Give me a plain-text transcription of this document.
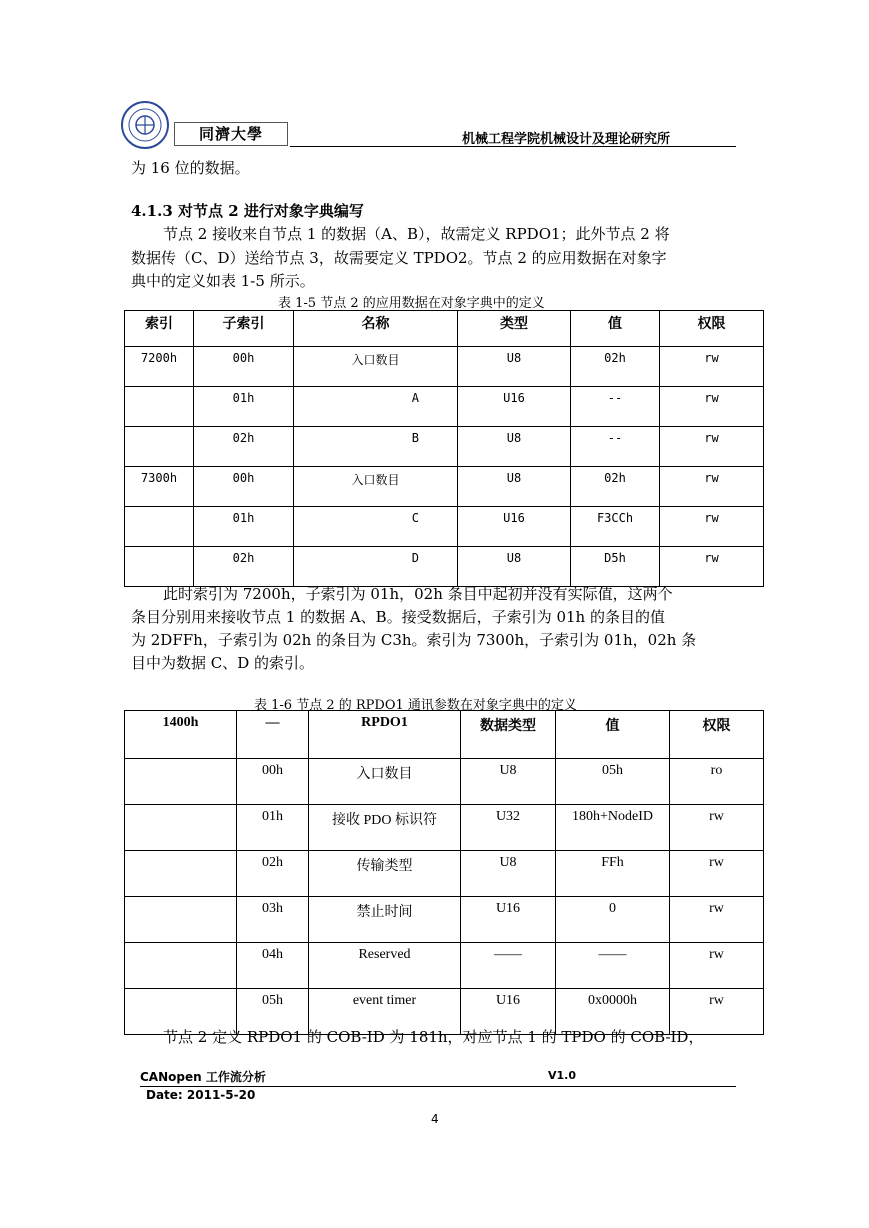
同濟大學	机械工程学院机械设计及理论研究所
为 16 位的数据。
4.1.3 对节点 2 进行对象字典编写
节点 2 接收来自节点 1 的数据（A、B），故需定义 RPDO1；此外节点 2 将
数据传（C、D）送给节点 3，故需要定义 TPDO2。节点 2 的应用数据在对象字
典中的定义如表 1-5 所示。
表 1-5 节点 2 的应用数据在对象字典中的定义
索引	子索引	名称	类型	值	权限
7200h	00h	入口数目	U8	02h	rw
	01h	A	U16	--	rw
	02h	B	U8	--	rw
7300h	00h	入口数目	U8	02h	rw
	01h	C	U16	F3CCh	rw
	02h	D	U8	D5h	rw
此时索引为 7200h，子索引为 01h，02h 条目中起初并没有实际值，这两个
条目分别用来接收节点 1 的数据 A、B。接受数据后，子索引为 01h 的条目的值
为 2DFFh，子索引为 02h 的条目为 C3h。索引为 7300h，子索引为 01h，02h 条
目中为数据 C、D 的索引。
表 1-6 节点 2 的 RPDO1 通讯参数在对象字典中的定义
1400h	—	RPDO1	数据类型	值	权限
	00h	入口数目	U8	05h	ro
	01h	接收 PDO 标识符	U32	180h+NodeID	rw
	02h	传输类型	U8	FFh	rw
	03h	禁止时间	U16	0	rw
	04h	Reserved	——	——	rw
	05h	event timer	U16	0x0000h	rw
节点 2 定义 RPDO1 的 COB-ID 为 181h，对应节点 1 的 TPDO 的 COB-ID，
CANopen 工作流分析	V1.0
Date: 2011-5-20
4
